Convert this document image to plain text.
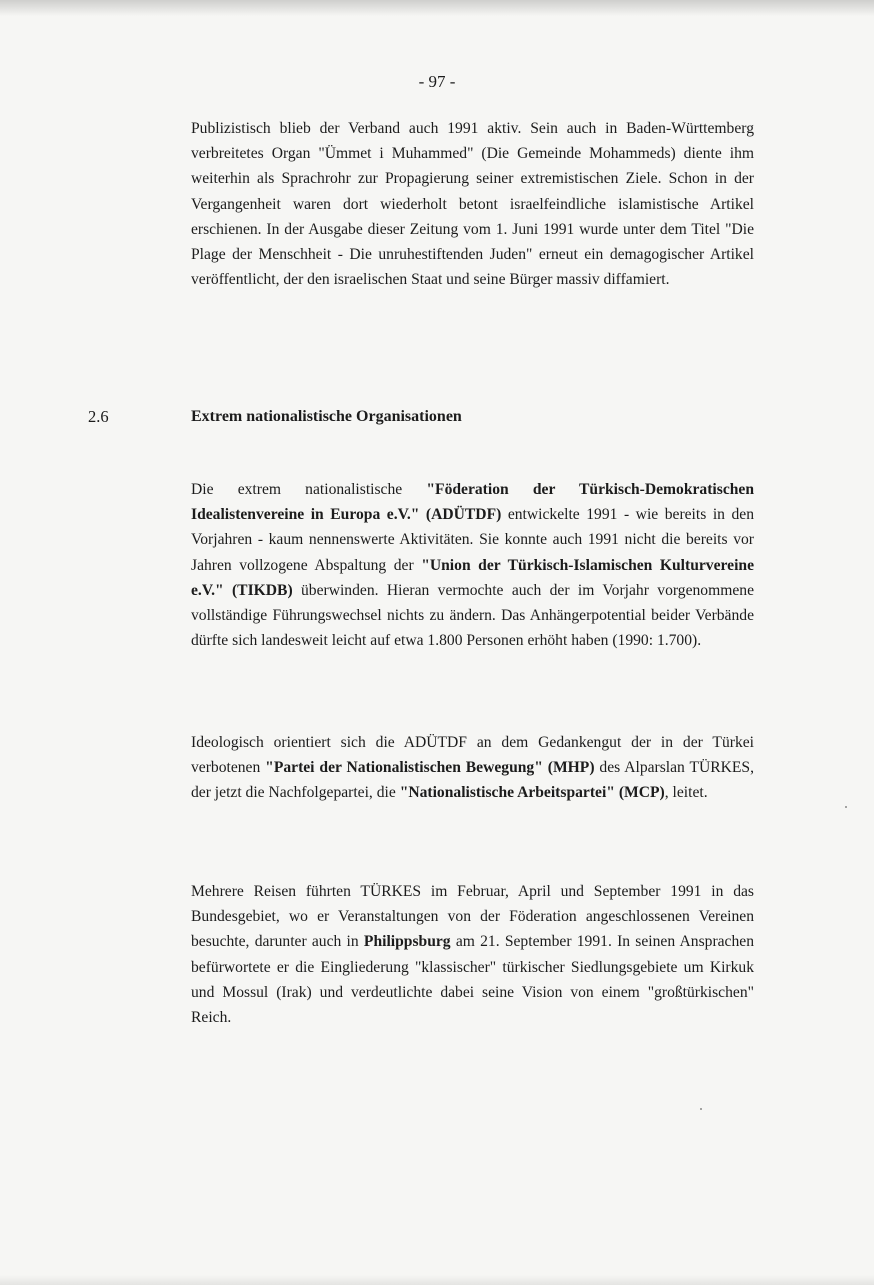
- 97 -

Publizistisch blieb der Verband auch 1991 aktiv. Sein auch in Baden-Württemberg verbreitetes Organ "Ümmet i Muhammed" (Die Gemeinde Mohammeds) diente ihm weiterhin als Sprachrohr zur Propagierung seiner extremistischen Ziele. Schon in der Vergangenheit waren dort wiederholt betont israelfeindliche islamistische Artikel erschienen. In der Ausgabe dieser Zeitung vom 1. Juni 1991 wurde unter dem Titel "Die Plage der Menschheit - Die unruhestiftenden Juden" erneut ein demagogischer Artikel veröffentlicht, der den israelischen Staat und seine Bürger massiv diffamiert.

2.6	Extrem nationalistische Organisationen

Die extrem nationalistische "Föderation der Türkisch-Demokratischen Idealistenvereine in Europa e.V." (ADÜTDF) entwickelte 1991 - wie bereits in den Vorjahren - kaum nennenswerte Aktivitäten. Sie konnte auch 1991 nicht die bereits vor Jahren vollzogene Abspaltung der "Union der Türkisch-Islamischen Kulturvereine e.V." (TIKDB) überwinden. Hieran vermochte auch der im Vorjahr vorgenommene vollständige Führungswechsel nichts zu ändern. Das Anhängerpotential beider Verbände dürfte sich landesweit leicht auf etwa 1.800 Personen erhöht haben (1990: 1.700).

Ideologisch orientiert sich die ADÜTDF an dem Gedankengut der in der Türkei verbotenen "Partei der Nationalistischen Bewegung" (MHP) des Alparslan TÜRKES, der jetzt die Nachfolgepartei, die "Nationalistische Arbeitspartei" (MCP), leitet.

Mehrere Reisen führten TÜRKES im Februar, April und September 1991 in das Bundesgebiet, wo er Veranstaltungen von der Föderation angeschlossenen Vereinen besuchte, darunter auch in Philippsburg am 21. September 1991. In seinen Ansprachen befürwortete er die Eingliederung "klassischer" türkischer Siedlungsgebiete um Kirkuk und Mossul (Irak) und verdeutlichte dabei seine Vision von einem "großtürkischen" Reich.
